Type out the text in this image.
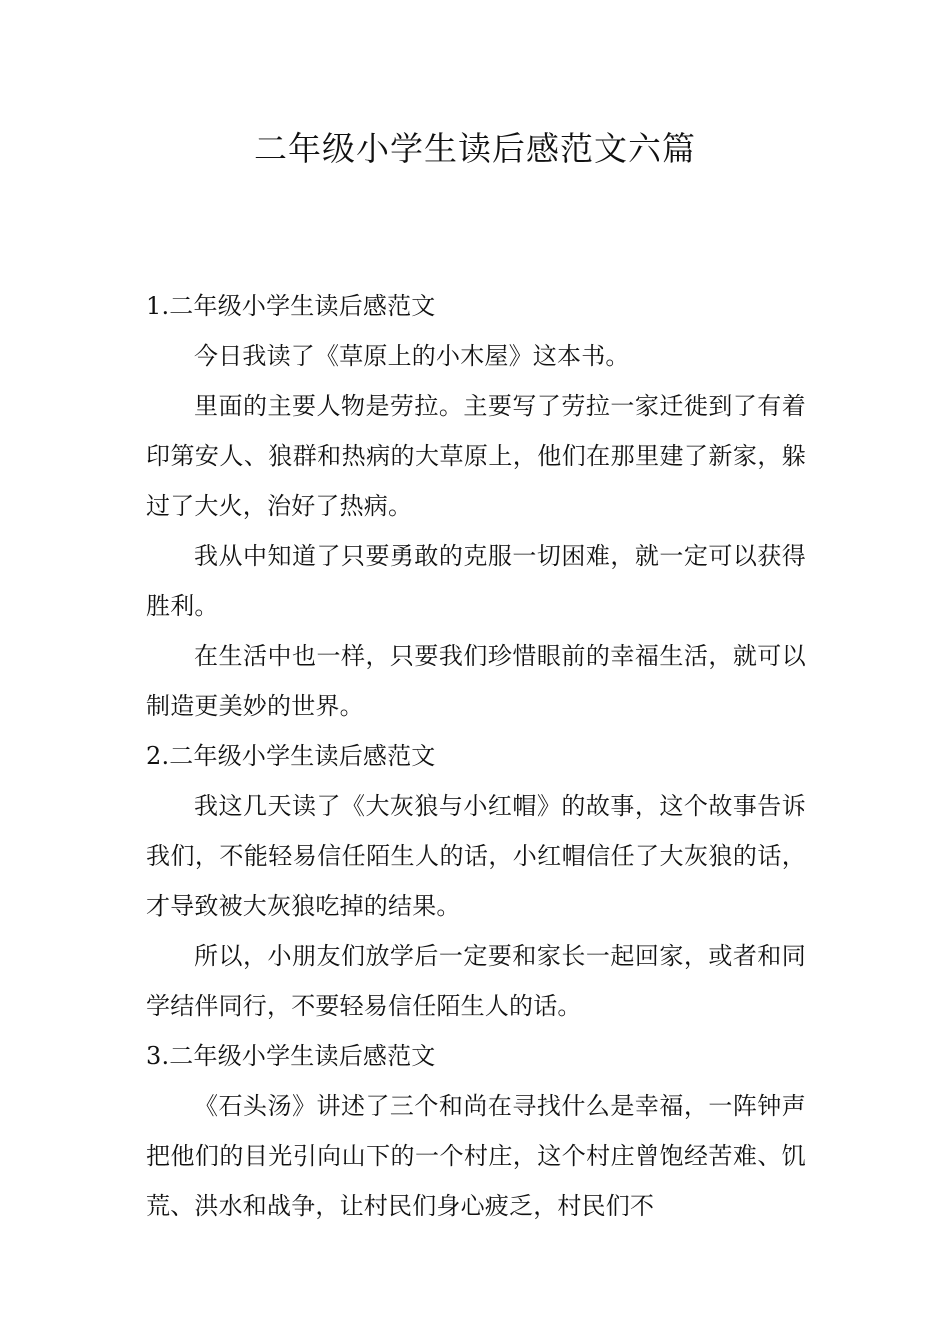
二年级小学生读后感范文六篇

1.二年级小学生读后感范文

今日我读了《草原上的小木屋》这本书。

里面的主要人物是劳拉。主要写了劳拉一家迁徙到了有着印第安人、狼群和热病的大草原上，他们在那里建了新家，躲过了大火，治好了热病。

我从中知道了只要勇敢的克服一切困难，就一定可以获得胜利。

在生活中也一样，只要我们珍惜眼前的幸福生活，就可以制造更美妙的世界。

2.二年级小学生读后感范文

我这几天读了《大灰狼与小红帽》的故事，这个故事告诉我们，不能轻易信任陌生人的话，小红帽信任了大灰狼的话，才导致被大灰狼吃掉的结果。

所以，小朋友们放学后一定要和家长一起回家，或者和同学结伴同行，不要轻易信任陌生人的话。

3.二年级小学生读后感范文

《石头汤》讲述了三个和尚在寻找什么是幸福，一阵钟声把他们的目光引向山下的一个村庄，这个村庄曾饱经苦难、饥荒、洪水和战争，让村民们身心疲乏，村民们不
